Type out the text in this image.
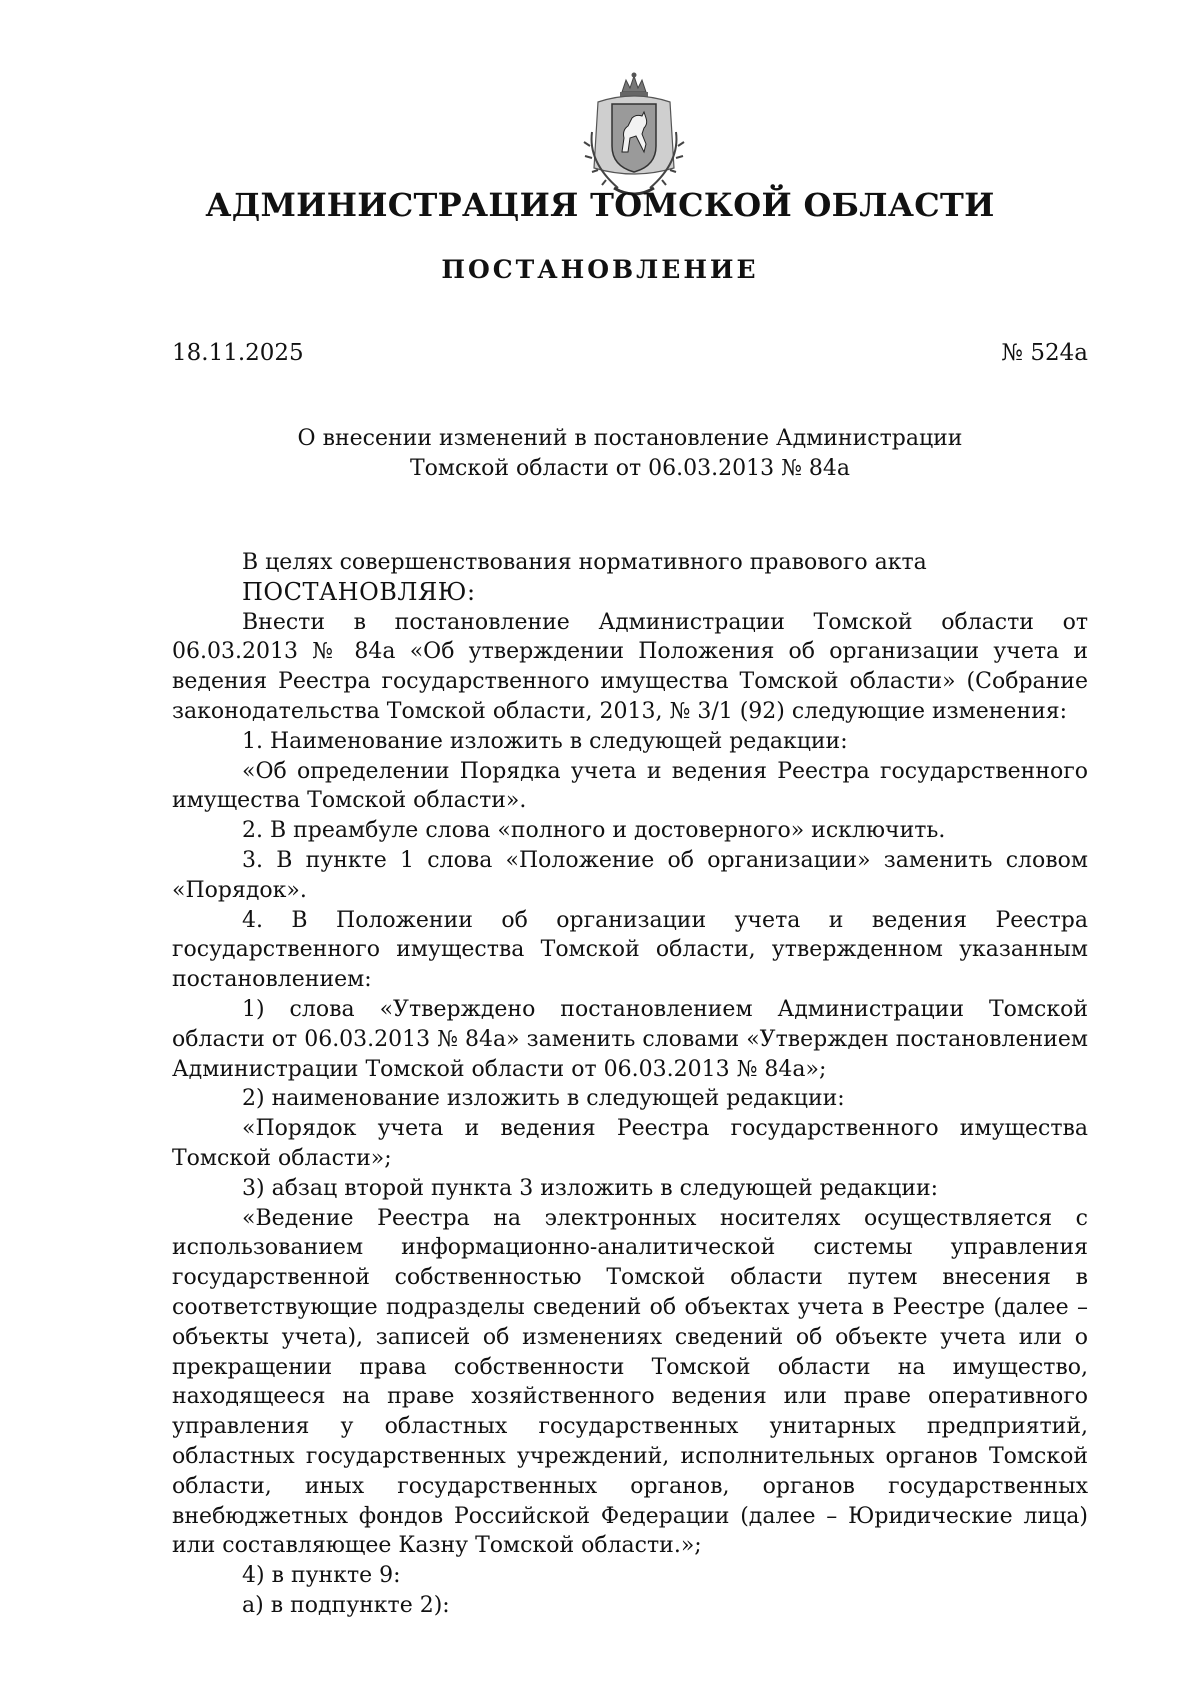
АДМИНИСТРАЦИЯ ТОМСКОЙ ОБЛАСТИ
ПОСТАНОВЛЕНИЕ
18.11.2025	№ 524а
О внесении изменений в постановление Администрации
Томской области от 06.03.2013 № 84а

В целях совершенствования нормативного правового акта

ПОСТАНОВЛЯЮ:

Внести в постановление Администрации Томской области от 06.03.2013 № 84а «Об утверждении Положения об организации учета и ведения Реестра государственного имущества Томской области» (Собрание законодательства Томской области, 2013, № 3/1 (92) следующие изменения:

1. Наименование изложить в следующей редакции:

«Об определении Порядка учета и ведения Реестра государственного имущества Томской области».

2. В преамбуле слова «полного и достоверного» исключить.

3. В пункте 1 слова «Положение об организации» заменить словом «Порядок».

4. В Положении об организации учета и ведения Реестра государственного имущества Томской области, утвержденном указанным постановлением:

1) слова «Утверждено постановлением Администрации Томской области от 06.03.2013 № 84а» заменить словами «Утвержден постановлением Администрации Томской области от 06.03.2013 № 84а»;

2) наименование изложить в следующей редакции:

«Порядок учета и ведения Реестра государственного имущества Томской области»;

3) абзац второй пункта 3 изложить в следующей редакции:

«Ведение Реестра на электронных носителях осуществляется с использованием информационно-аналитической системы управления государственной собственностью Томской области путем внесения в соответствующие подразделы сведений об объектах учета в Реестре (далее – объекты учета), записей об изменениях сведений об объекте учета или о прекращении права собственности Томской области на имущество, находящееся на праве хозяйственного ведения или праве оперативного управления у областных государственных унитарных предприятий, областных государственных учреждений, исполнительных органов Томской области, иных государственных органов, органов государственных внебюджетных фондов Российской Федерации (далее – Юридические лица) или составляющее Казну Томской области.»;

4) в пункте 9:

а) в подпункте 2):
